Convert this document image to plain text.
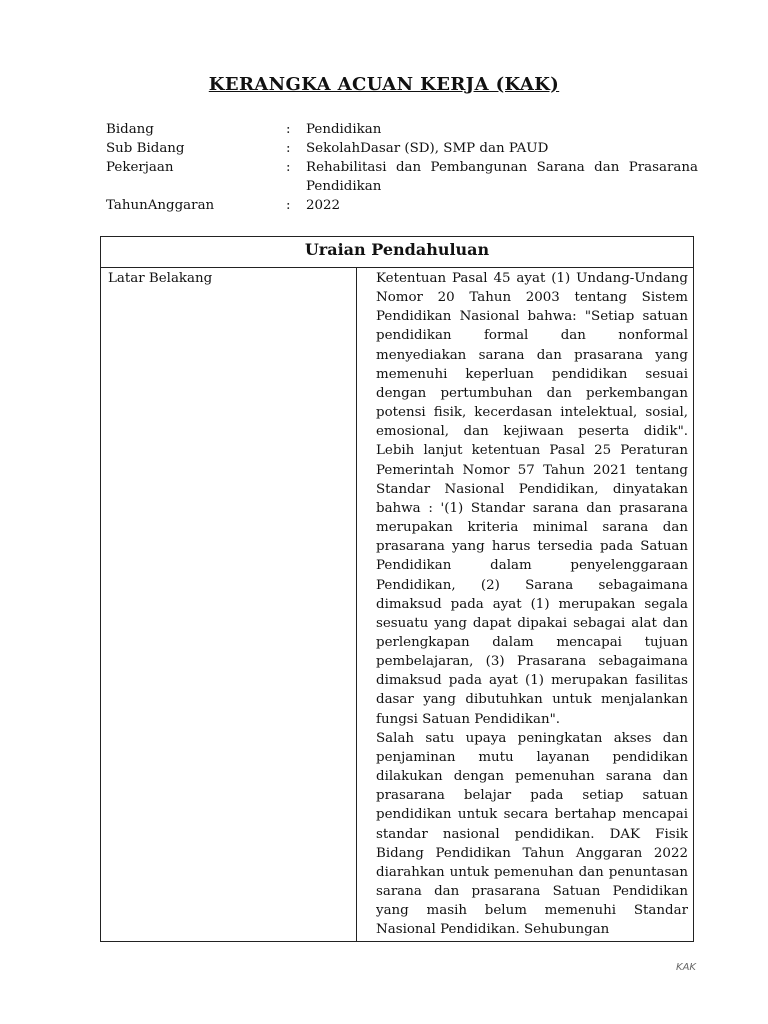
KERANGKA ACUAN KERJA (KAK)
Bidang	:	Pendidikan
Sub Bidang	:	SekolahDasar (SD), SMP dan PAUD
Pekerjaan	:	Rehabilitasi dan Pembangunan Sarana dan Prasarana Pendidikan
TahunAnggaran	:	2022
Uraian Pendahuluan
Latar Belakang	Ketentuan Pasal 45 ayat (1) Undang-Undang Nomor 20 Tahun 2003 tentang Sistem Pendidikan Nasional bahwa: "Setiap satuan pendidikan formal dan nonformal menyediakan sarana dan prasarana yang memenuhi keperluan pendidikan sesuai dengan pertumbuhan dan perkembangan potensi fisik, kecerdasan intelektual, sosial, emosional, dan kejiwaan peserta didik". Lebih lanjut ketentuan Pasal 25 Peraturan Pemerintah Nomor 57 Tahun 2021 tentang Standar Nasional Pendidikan, dinyatakan bahwa : '(1) Standar sarana dan prasarana merupakan kriteria minimal sarana dan prasarana yang harus tersedia pada Satuan Pendidikan dalam penyelenggaraan Pendidikan, (2) Sarana sebagaimana dimaksud pada ayat (1) merupakan segala sesuatu yang dapat dipakai sebagai alat dan perlengkapan dalam mencapai tujuan pembelajaran, (3) Prasarana sebagaimana dimaksud pada ayat (1) merupakan fasilitas dasar yang dibutuhkan untuk menjalankan fungsi Satuan Pendidikan".

Salah satu upaya peningkatan akses dan penjaminan mutu layanan pendidikan dilakukan dengan pemenuhan sarana dan prasarana belajar pada setiap satuan pendidikan untuk secara bertahap mencapai standar nasional pendidikan. DAK Fisik Bidang Pendidikan Tahun Anggaran 2022 diarahkan untuk pemenuhan dan penuntasan sarana dan prasarana Satuan Pendidikan yang masih belum memenuhi Standar Nasional Pendidikan. Sehubungan

KAK
